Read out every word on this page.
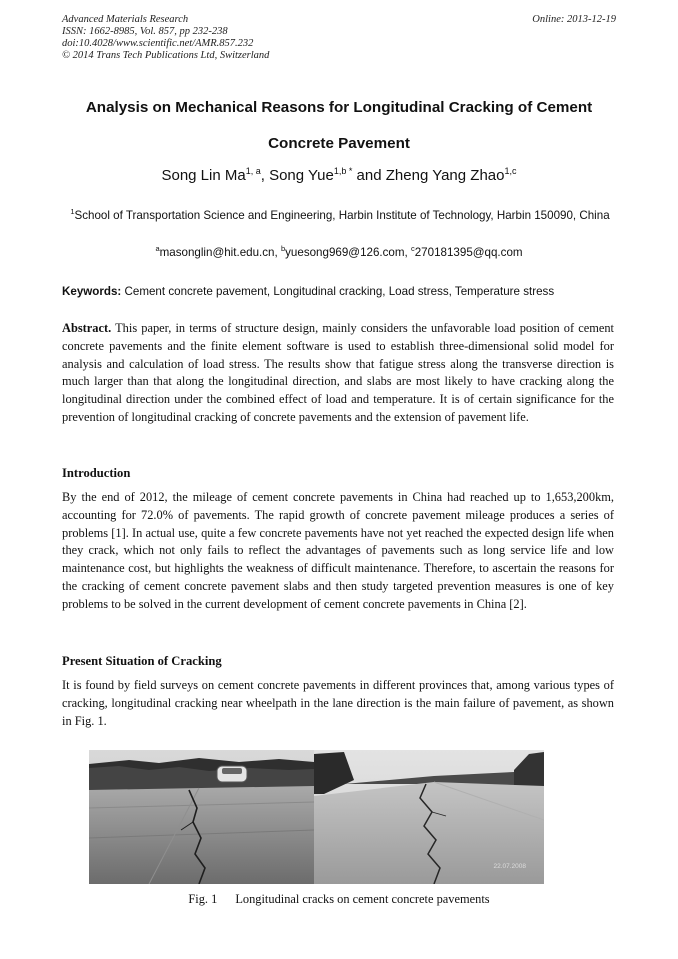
Advanced Materials Research
ISSN: 1662-8985, Vol. 857, pp 232-238
doi:10.4028/www.scientific.net/AMR.857.232
© 2014 Trans Tech Publications Ltd, Switzerland
Online: 2013-12-19
Analysis on Mechanical Reasons for Longitudinal Cracking of Cement
Concrete Pavement
Song Lin Ma$^{1, a}$, Song Yue$^{1,b *}$ and Zheng Yang Zhao$^{1,c}$
$^1$School of Transportation Science and Engineering, Harbin Institute of Technology, Harbin 150090, China
$^a$masonglin@hit.edu.cn, $^b$yuesong969@126.com, $^c$270181395@qq.com
Keywords: Cement concrete pavement, Longitudinal cracking, Load stress, Temperature stress
Abstract. This paper, in terms of structure design, mainly considers the unfavorable load position of cement concrete pavements and the finite element software is used to establish three-dimensional solid model for analysis and calculation of load stress. The results show that fatigue stress along the transverse direction is much larger than that along the longitudinal direction, and slabs are most likely to have cracking along the longitudinal direction under the combined effect of load and temperature. It is of certain significance for the prevention of longitudinal cracking of concrete pavements and the extension of pavement life.
Introduction
By the end of 2012, the mileage of cement concrete pavements in China had reached up to 1,653,200km, accounting for 72.0% of pavements. The rapid growth of concrete pavement mileage produces a series of problems [1]. In actual use, quite a few concrete pavements have not yet reached the expected design life when they crack, which not only fails to reflect the advantages of pavements such as long service life and low maintenance cost, but highlights the weakness of difficult maintenance. Therefore, to ascertain the reasons for the cracking of cement concrete pavement slabs and then study targeted prevention measures is one of key problems to be solved in the current development of cement concrete pavements in China [2].
Present Situation of Cracking
It is found by field surveys on cement concrete pavements in different provinces that, among various types of cracking, longitudinal cracking near wheelpath in the lane direction is the main failure of pavement, as shown in Fig. 1.
22.07.2008
Fig. 1 Longitudinal cracks on cement concrete pavements
